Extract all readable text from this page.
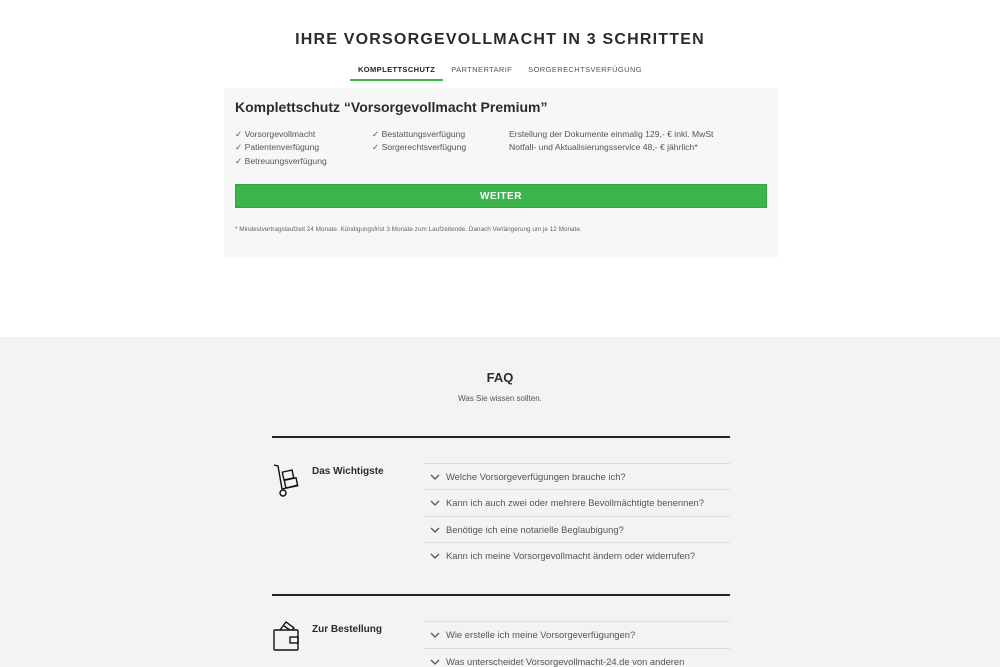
IHRE VORSORGEVOLLMACHT IN 3 SCHRITTEN
KOMPLETTSCHUTZ	PARTNERTARIF	SORGERECHTSVERFÜGUNG
Komplettschutz “Vorsorgevollmacht Premium”
✓ Vorsorgevollmacht
✓ Patientenverfügung
✓ Betreuungsverfügung
✓ Bestattungsverfügung
✓ Sorgerechtsverfügung
Erstellung der Dokumente einmalig 129,- € inkl. MwSt
Notfall- und Aktualisierungsservice 48,- € jährlich*
WEITER
* Mindestvertragslaufzeit 24 Monate. Kündigungsfrist 3 Monate zum Laufzeitende. Danach Verlängerung um je 12 Monate.
FAQ
Was Sie wissen sollten.
Das Wichtigste	Welche Vorsorgeverfügungen brauche ich?
Kann ich auch zwei oder mehrere Bevollmächtigte benennen?
Benötige ich eine notarielle Beglaubigung?
Kann ich meine Vorsorgevollmacht ändern oder widerrufen?
Zur Bestellung	Wie erstelle ich meine Vorsorgeverfügungen?
Was unterscheidet Vorsorgevollmacht-24.de von anderen
